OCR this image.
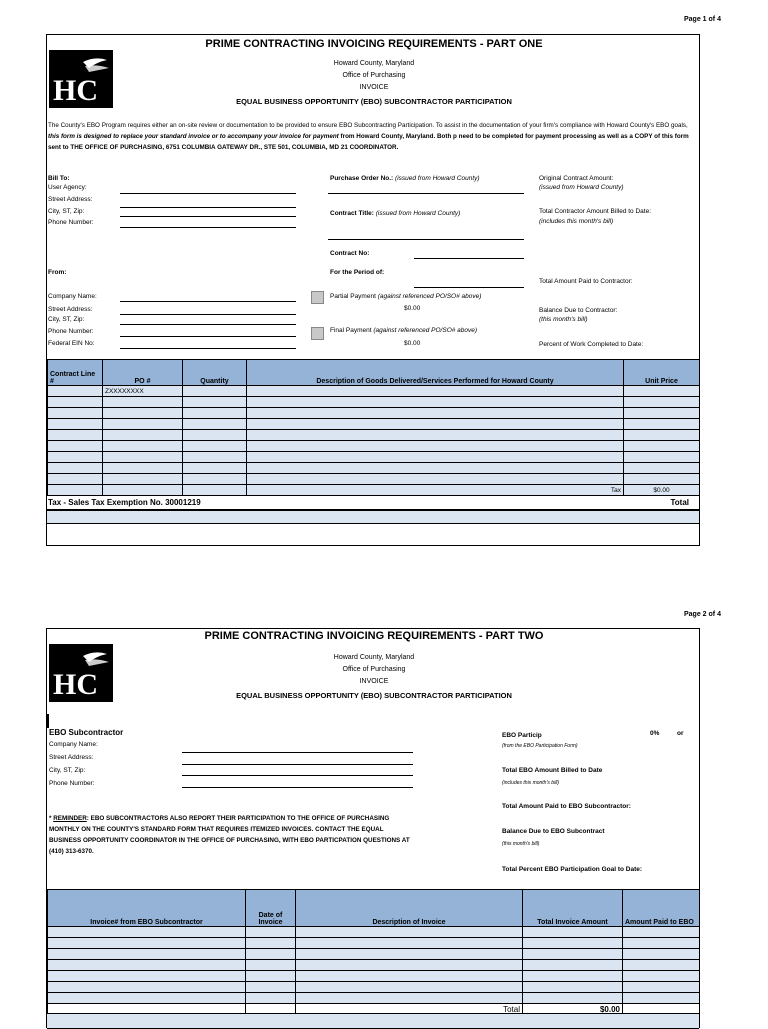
Page 1 of 4
PRIME CONTRACTING INVOICING REQUIREMENTS - PART ONE
HC
Howard County, Maryland
Office of Purchasing
INVOICE
EQUAL BUSINESS OPPORTUNITY (EBO) SUBCONTRACTOR PARTICIPATION
The County's EBO Program requires either an on-site review or documentation to be provided to ensure EBO Subcontracting Participation. To assist in the documentation of your firm's compliance with Howard County's EBO goals, this form is designed to replace your standard invoice or to accompany your invoice for payment from Howard County, Maryland. Both p need to be completed for payment processing as well as a COPY of this form sent to THE OFFICE OF PURCHASING, 6751 COLUMBIA GATEWAY DR., STE 501, COLUMBIA, MD 21 COORDINATOR.
Bill To:
User Agency:
Street Address:
City, ST, Zip:
Phone Number:
From:
Company Name:
Street Address:
City, ST, Zip:
Phone Number:
Federal EIN No:
Purchase Order No.: (issued from Howard County)
Contract Title: (issued from Howard County)
Contract No:
For the Period of:
Partial Payment (against referenced PO/SO# above)
$0.00
Final Payment (against referenced PO/SO# above)
$0.00
Original Contract Amount:
(issued from Howard County)
Total Contractor Amount Billed to Date:
(includes this month's bill)
Total Amount Paid to Contractor:
Balance Due to Contractor:
(this month's bill)
Percent of Work Completed to Date:
Contract Line #	PO #	Quantity	Description of Goods Delivered/Services Performed for Howard County	Unit Price
	ZXXXXXXXX			

			Tax	$0.00
Tax - Sales Tax Exemption No. 30001219	Total
Page 2 of 4
PRIME CONTRACTING INVOICING REQUIREMENTS - PART TWO
HC
Howard County, Maryland
Office of Purchasing
INVOICE
EQUAL BUSINESS OPPORTUNITY (EBO) SUBCONTRACTOR PARTICIPATION
EBO Subcontractor
Company Name:
Street Address:
City, ST, Zip:
Phone Number:
* REMINDER: EBO SUBCONTRACTORS ALSO REPORT THEIR PARTICIPATION TO THE OFFICE OF PURCHASING MONTHLY ON THE COUNTY'S STANDARD FORM THAT REQUIRES ITEMIZED INVOICES. CONTACT THE EQUAL BUSINESS OPPORTUNITY COORDINATOR IN THE OFFICE OF PURCHASING, WITH EBO PARTICPATION QUESTIONS AT (410) 313-6370.
EBO Particip	0%	or
(from the EBO Participation Form)
Total EBO Amount Billed to Date
(includes this month's bill)
Total Amount Paid to EBO Subcontractor:
Balance Due to EBO Subcontract
(this month's bill)
Total Percent EBO Participation Goal to Date:
Invoice# from EBO Subcontractor	Date of Invoice	Description of Invoice	Total Invoice Amount	Amount Paid to EBO

		Total	$0.00	
